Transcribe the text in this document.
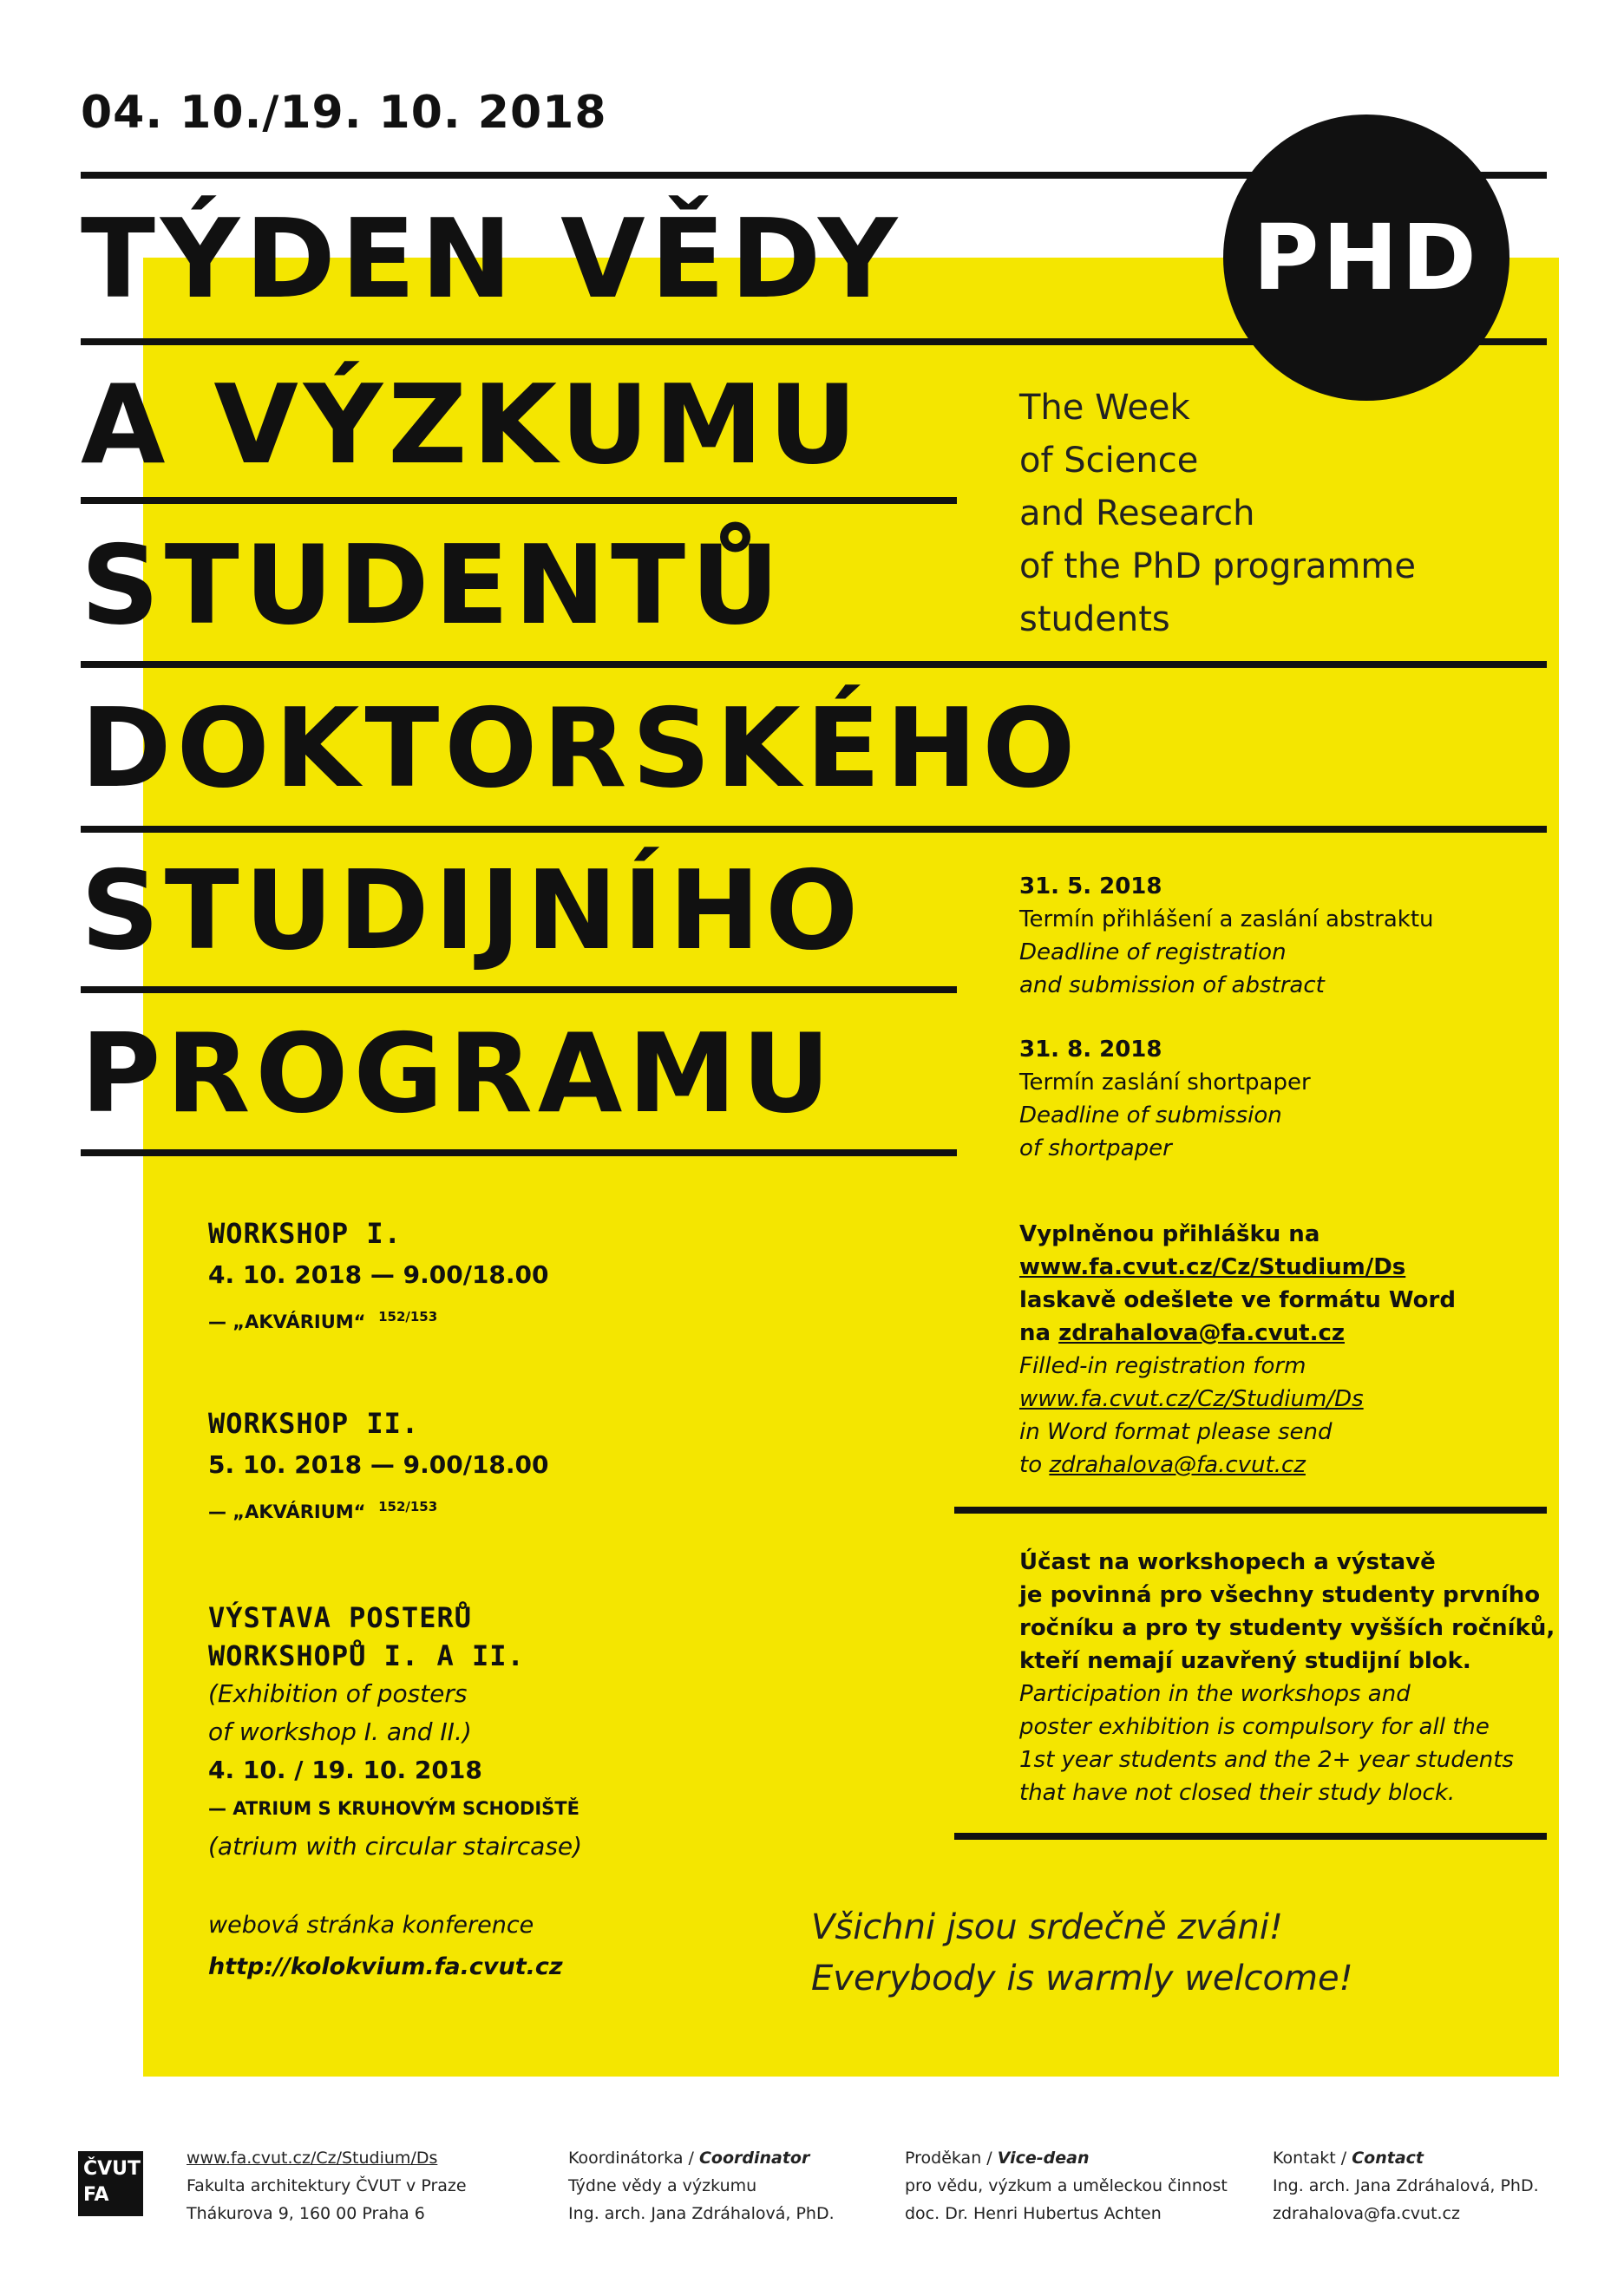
04. 10./19. 10. 2018
TÝDEN VĚDY
A VÝZKUMU
STUDENTŮ
DOKTORSKÉHO
STUDIJNÍHO
PROGRAMU
PHD
The Week
of Science
and Research
of the PhD programme
students
31. 5. 2018
Termín přihlášení a zaslání abstraktu
Deadline of registration
and submission of abstract
31. 8. 2018
Termín zaslání shortpaper
Deadline of submission
of shortpaper
WORKSHOP I.
4. 10. 2018 — 9.00/18.00
— „AKVÁRIUM“ $^{152/153}$
WORKSHOP II.
5. 10. 2018 — 9.00/18.00
— „AKVÁRIUM“ $^{152/153}$
VÝSTAVA POSTERŮ
WORKSHOPŮ I. A II.
(Exhibition of posters
of workshop I. and II.)
4. 10. / 19. 10. 2018
— ATRIUM S KRUHOVÝM SCHODIŠTĚ
(atrium with circular staircase)
webová stránka konference
http://kolokvium.fa.cvut.cz
Vyplněnou přihlášku na
www.fa.cvut.cz/Cz/Studium/Ds
laskavě odešlete ve formátu Word
na zdrahalova@fa.cvut.cz
Filled-in registration form
www.fa.cvut.cz/Cz/Studium/Ds
in Word format please send
to zdrahalova@fa.cvut.cz
Účast na workshopech a výstavě
je povinná pro všechny studenty prvního
ročníku a pro ty studenty vyšších ročníků,
kteří nemají uzavřený studijní blok.
Participation in the workshops and
poster exhibition is compulsory for all the
1st year students and the 2+ year students
that have not closed their study block.
Všichni jsou srdečně zváni!
Everybody is warmly welcome!
ČVUT
FA
www.fa.cvut.cz/Cz/Studium/Ds
Fakulta architektury ČVUT v Praze
Thákurova 9, 160 00 Praha 6
Koordinátorka / Coordinator
Týdne vědy a výzkumu
Ing. arch. Jana Zdráhalová, PhD.
Proděkan / Vice-dean
pro vědu, výzkum a uměleckou činnost
doc. Dr. Henri Hubertus Achten
Kontakt / Contact
Ing. arch. Jana Zdráhalová, PhD.
zdrahalova@fa.cvut.cz
